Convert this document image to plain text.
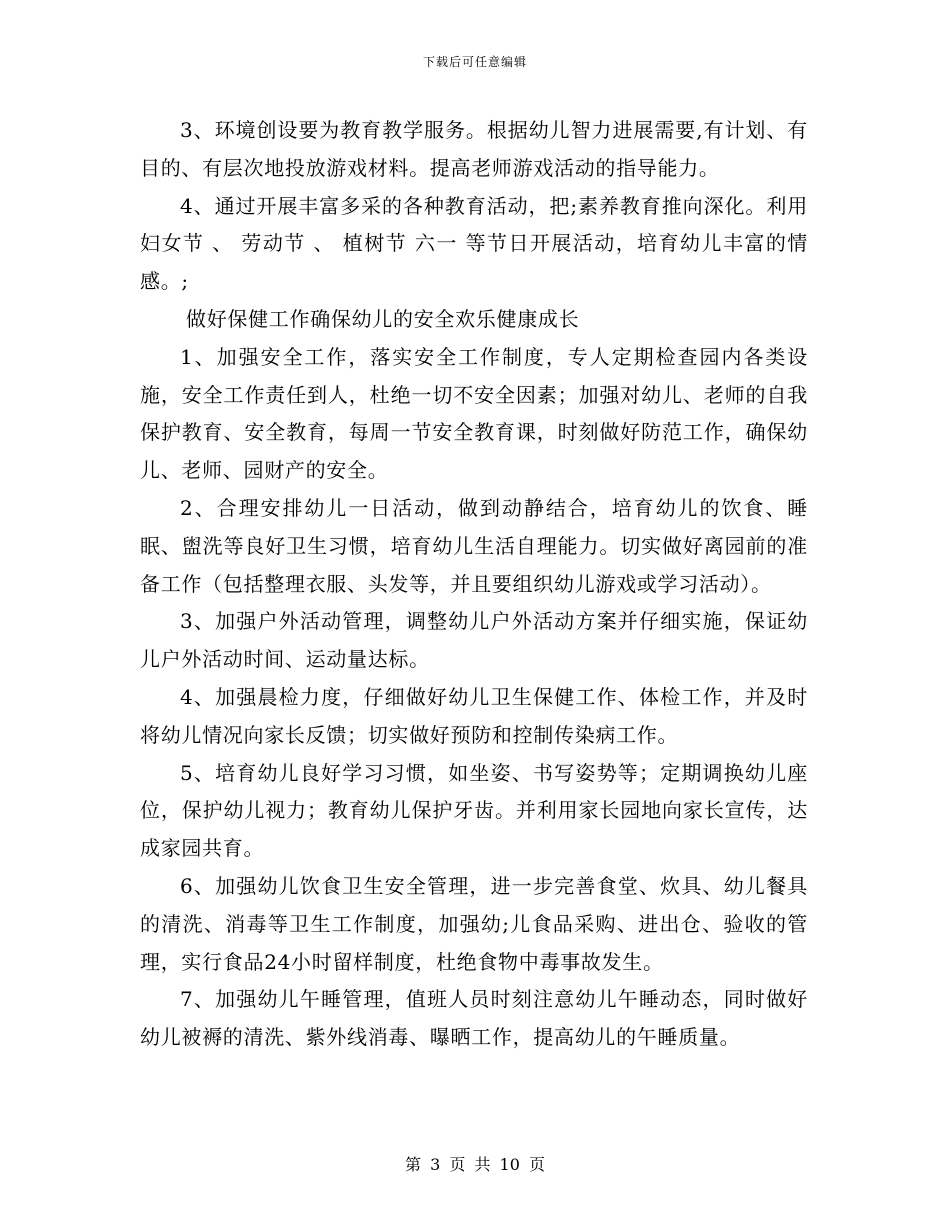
下载后可任意编辑

3、环境创设要为教育教学服务。根据幼儿智力进展需要,有计划、有目的、有层次地投放游戏材料。提高老师游戏活动的指导能力。

4、通过开展丰富多采的各种教育活动，把;素养教育推向深化。利用 妇女节 、 劳动节 、 植树节 六一 等节日开展活动，培育幼儿丰富的情感。;

做好保健工作确保幼儿的安全欢乐健康成长

1、加强安全工作，落实安全工作制度，专人定期检查园内各类设施，安全工作责任到人，杜绝一切不安全因素；加强对幼儿、老师的自我保护教育、安全教育，每周一节安全教育课，时刻做好防范工作，确保幼儿、老师、园财产的安全。

2、合理安排幼儿一日活动，做到动静结合，培育幼儿的饮食、睡眠、盥洗等良好卫生习惯，培育幼儿生活自理能力。切实做好离园前的准备工作（包括整理衣服、头发等，并且要组织幼儿游戏或学习活动）。

3、加强户外活动管理，调整幼儿户外活动方案并仔细实施，保证幼儿户外活动时间、运动量达标。

4、加强晨检力度，仔细做好幼儿卫生保健工作、体检工作，并及时将幼儿情况向家长反馈；切实做好预防和控制传染病工作。

5、培育幼儿良好学习习惯，如坐姿、书写姿势等；定期调换幼儿座位，保护幼儿视力；教育幼儿保护牙齿。并利用家长园地向家长宣传，达成家园共育。

6、加强幼儿饮食卫生安全管理，进一步完善食堂、炊具、幼儿餐具的清洗、消毒等卫生工作制度，加强幼;儿食品采购、进出仓、验收的管理，实行食品24小时留样制度，杜绝食物中毒事故发生。

7、加强幼儿午睡管理，值班人员时刻注意幼儿午睡动态，同时做好幼儿被褥的清洗、紫外线消毒、曝晒工作，提高幼儿的午睡质量。

第 3 页 共 10 页
